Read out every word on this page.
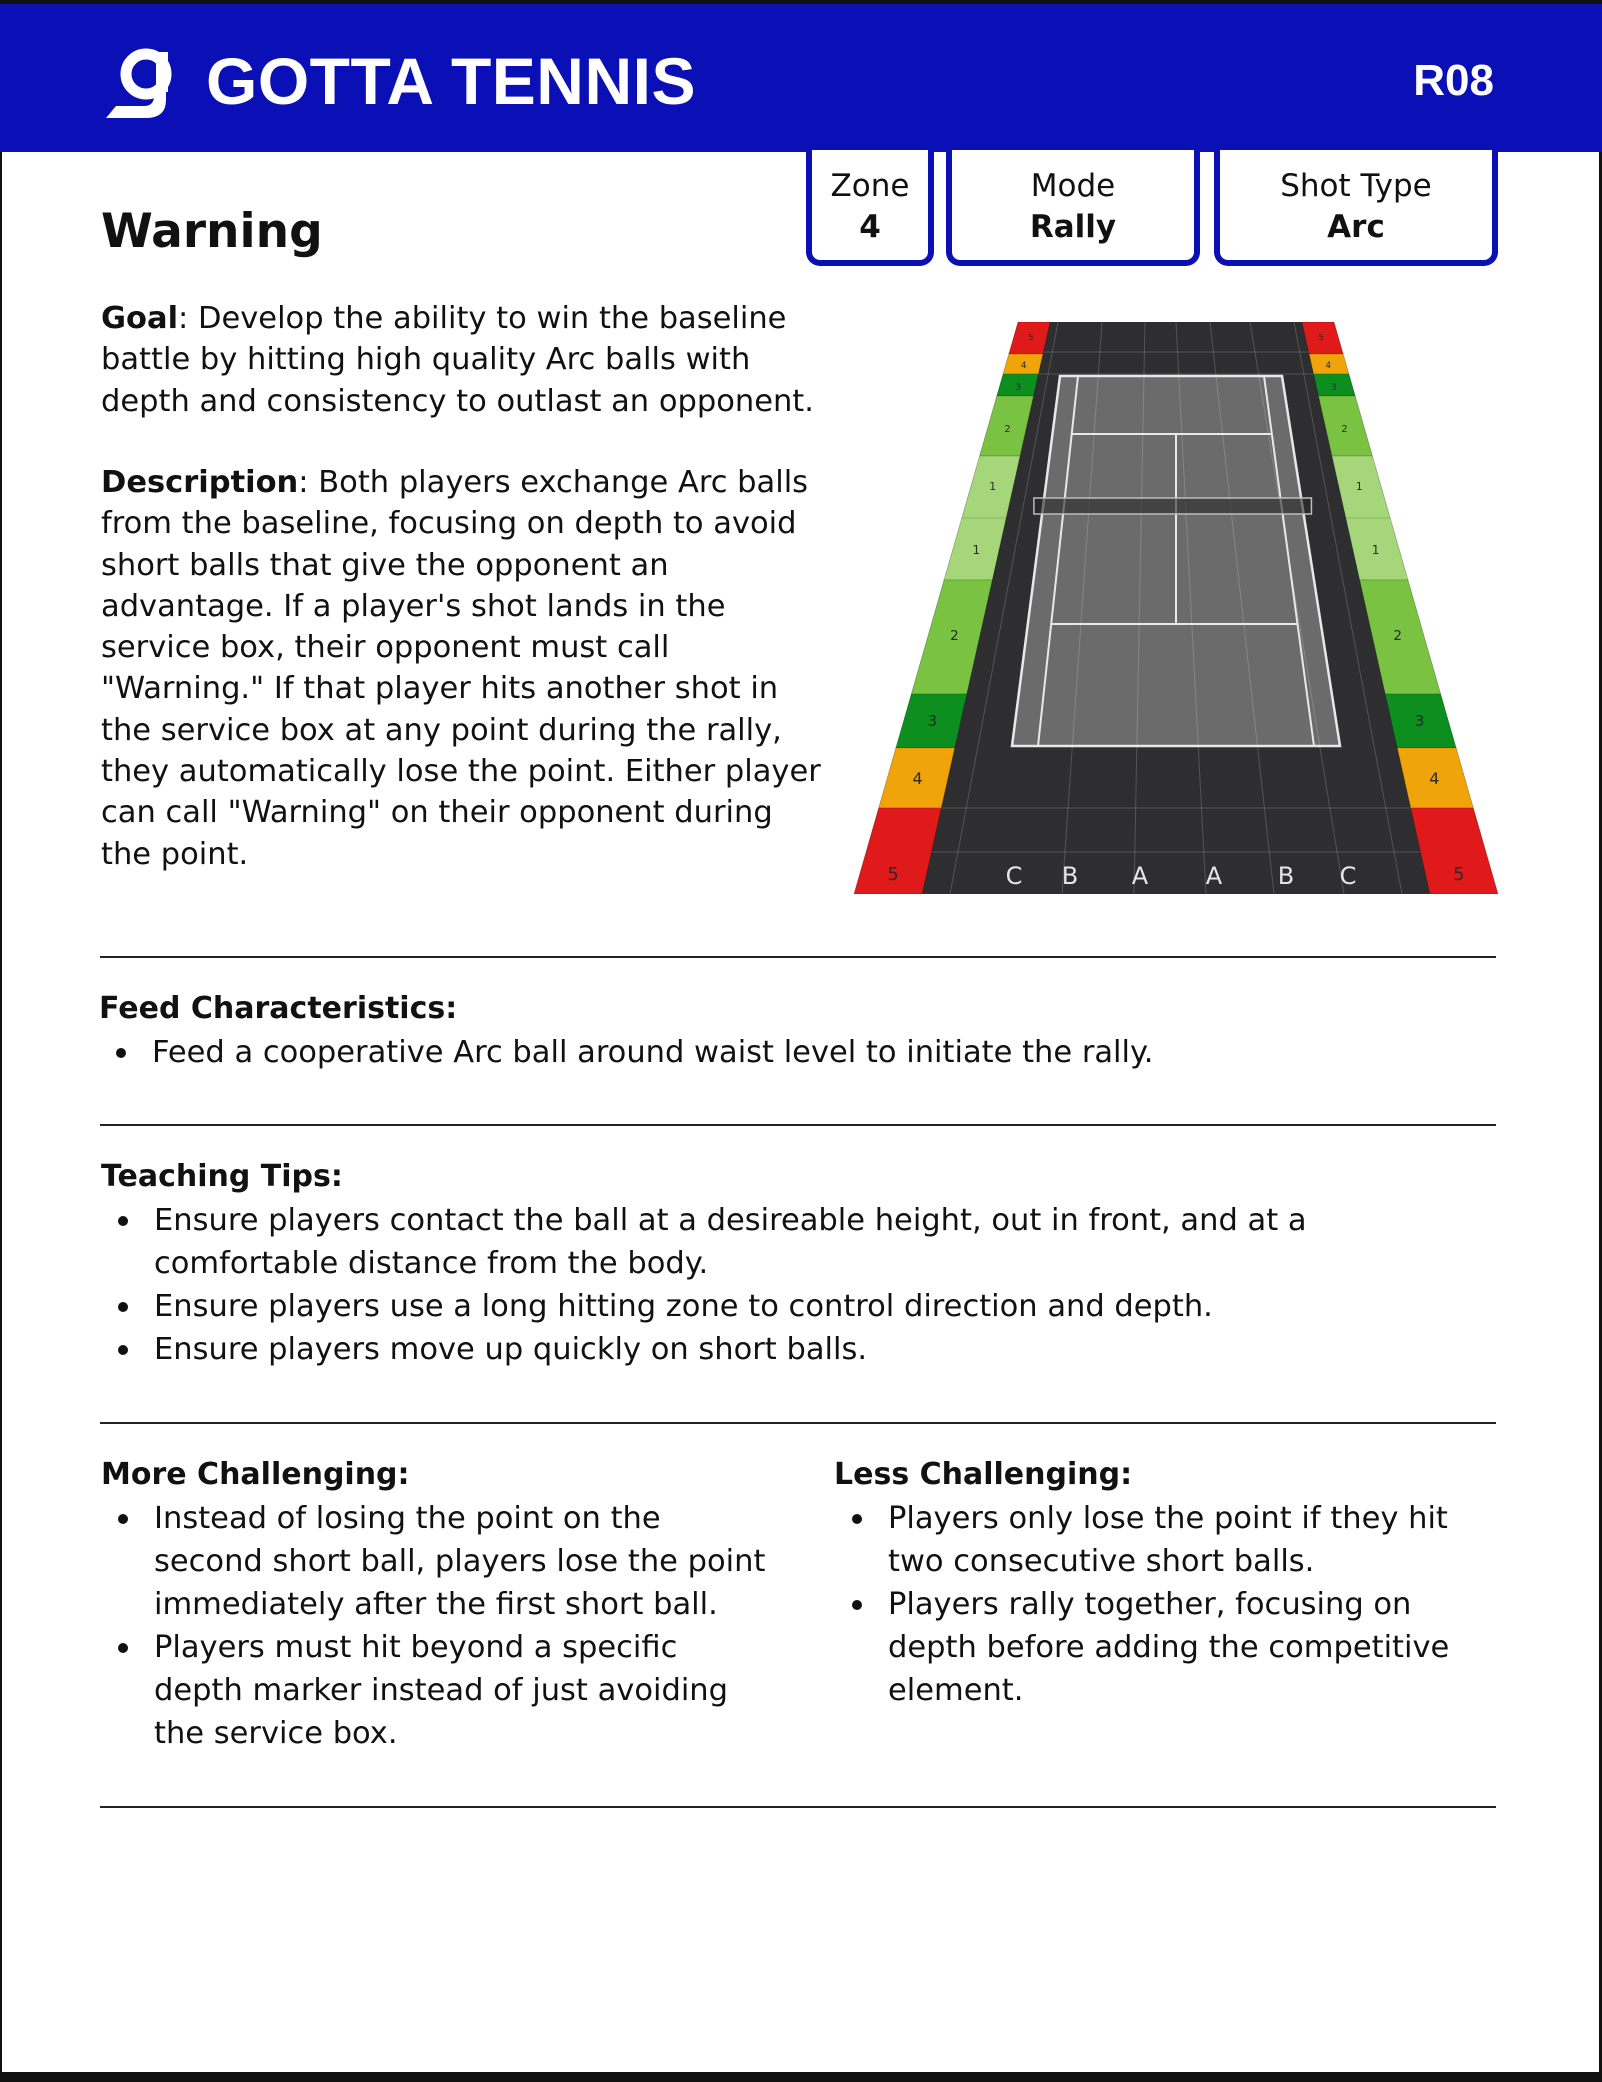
GOTTA TENNIS	R08
Zone
4
Mode
Rally
Shot Type
Arc
Warning

Goal: Develop the ability to win the baseline battle by hitting high quality Arc balls with depth and consistency to outlast an opponent.

Description: Both players exchange Arc balls from the baseline, focusing on depth to avoid short balls that give the opponent an advantage. If a player's shot lands in the service box, their opponent must call "Warning." If that player hits another shot in the service box at any point during the rally, they automatically lose the point. Either player can call "Warning" on their opponent during the point.

5	5
4	4
3	3
2	2
1	1
1	1
2	2
3	3
4	4
5	5
C B A A B C
Feed Characteristics:
Feed a cooperative Arc ball around waist level to initiate the rally.
Teaching Tips:
Ensure players contact the ball at a desireable height, out in front, and at a comfortable distance from the body.
Ensure players use a long hitting zone to control direction and depth.
Ensure players move up quickly on short balls.
More Challenging:
Instead of losing the point on the second short ball, players lose the point immediately after the first short ball.
Players must hit beyond a specific depth marker instead of just avoiding the service box.
Less Challenging:
Players only lose the point if they hit two consecutive short balls.
Players rally together, focusing on depth before adding the competitive element.
